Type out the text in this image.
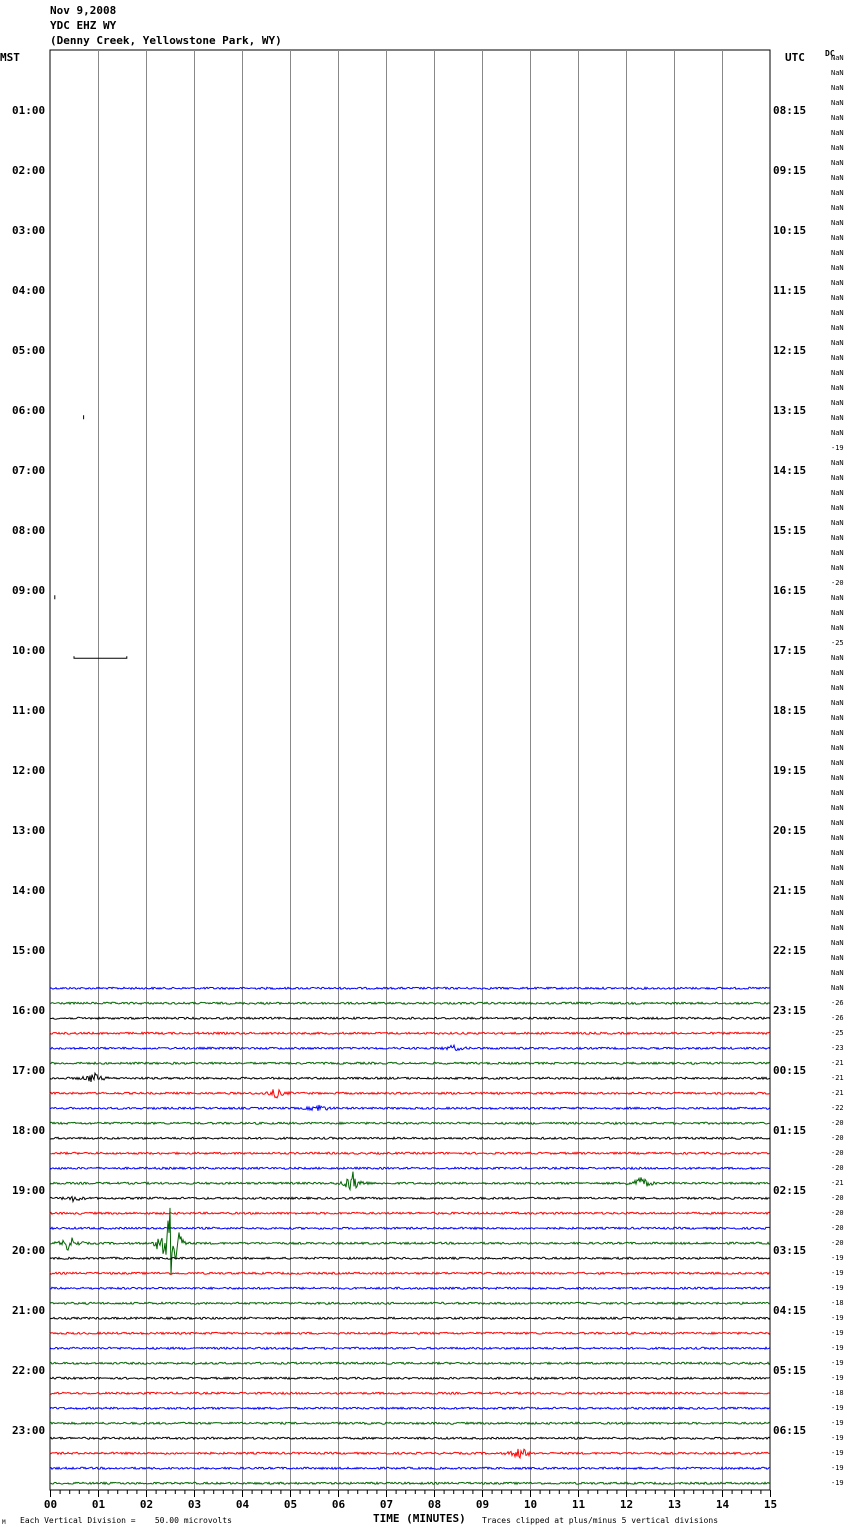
Nov 9,2008
YDC EHZ WY
(Denny Creek, Yellowstone Park, WY)
MST	UTC	DC
00	01	02	03	04	05	06	07	08	09	10	11	12	13	14	15
01:00
02:00
03:00
04:00
05:00
06:00
07:00
08:00
09:00
10:00
11:00
12:00
13:00
14:00
15:00
16:00
17:00
18:00
19:00
20:00
21:00
22:00
23:00
08:15
09:15
10:15
11:15
12:15
13:15
14:15
15:15
16:15
17:15
18:15
19:15
20:15
21:15
22:15
23:15
00:15
01:15
02:15
03:15
04:15
05:15
06:15
NaN
NaN
NaN
NaN
NaN
NaN
NaN
NaN
NaN
NaN
NaN
NaN
NaN
NaN
NaN
NaN
NaN
NaN
NaN
NaN
NaN
NaN
NaN
NaN
NaN
NaN
-19
NaN
NaN
NaN
NaN
NaN
NaN
NaN
NaN
-20
NaN
NaN
NaN
-25
NaN
NaN
NaN
NaN
NaN
NaN
NaN
NaN
NaN
NaN
NaN
NaN
NaN
NaN
NaN
NaN
NaN
NaN
NaN
NaN
NaN
NaN
NaN
-26
-26
-25
-23
-21
-21
-21
-22
-20
-20
-20
-20
-21
-20
-20
-20
-20
-19
-19
-19
-18
-19
-19
-19
-19
-19
-18
-19
-19
-19
-19
-19
-19
M Each Vertical Division =    50.00 microvolts	TIME (MINUTES) Traces clipped at plus/minus 5 vertical divisions
